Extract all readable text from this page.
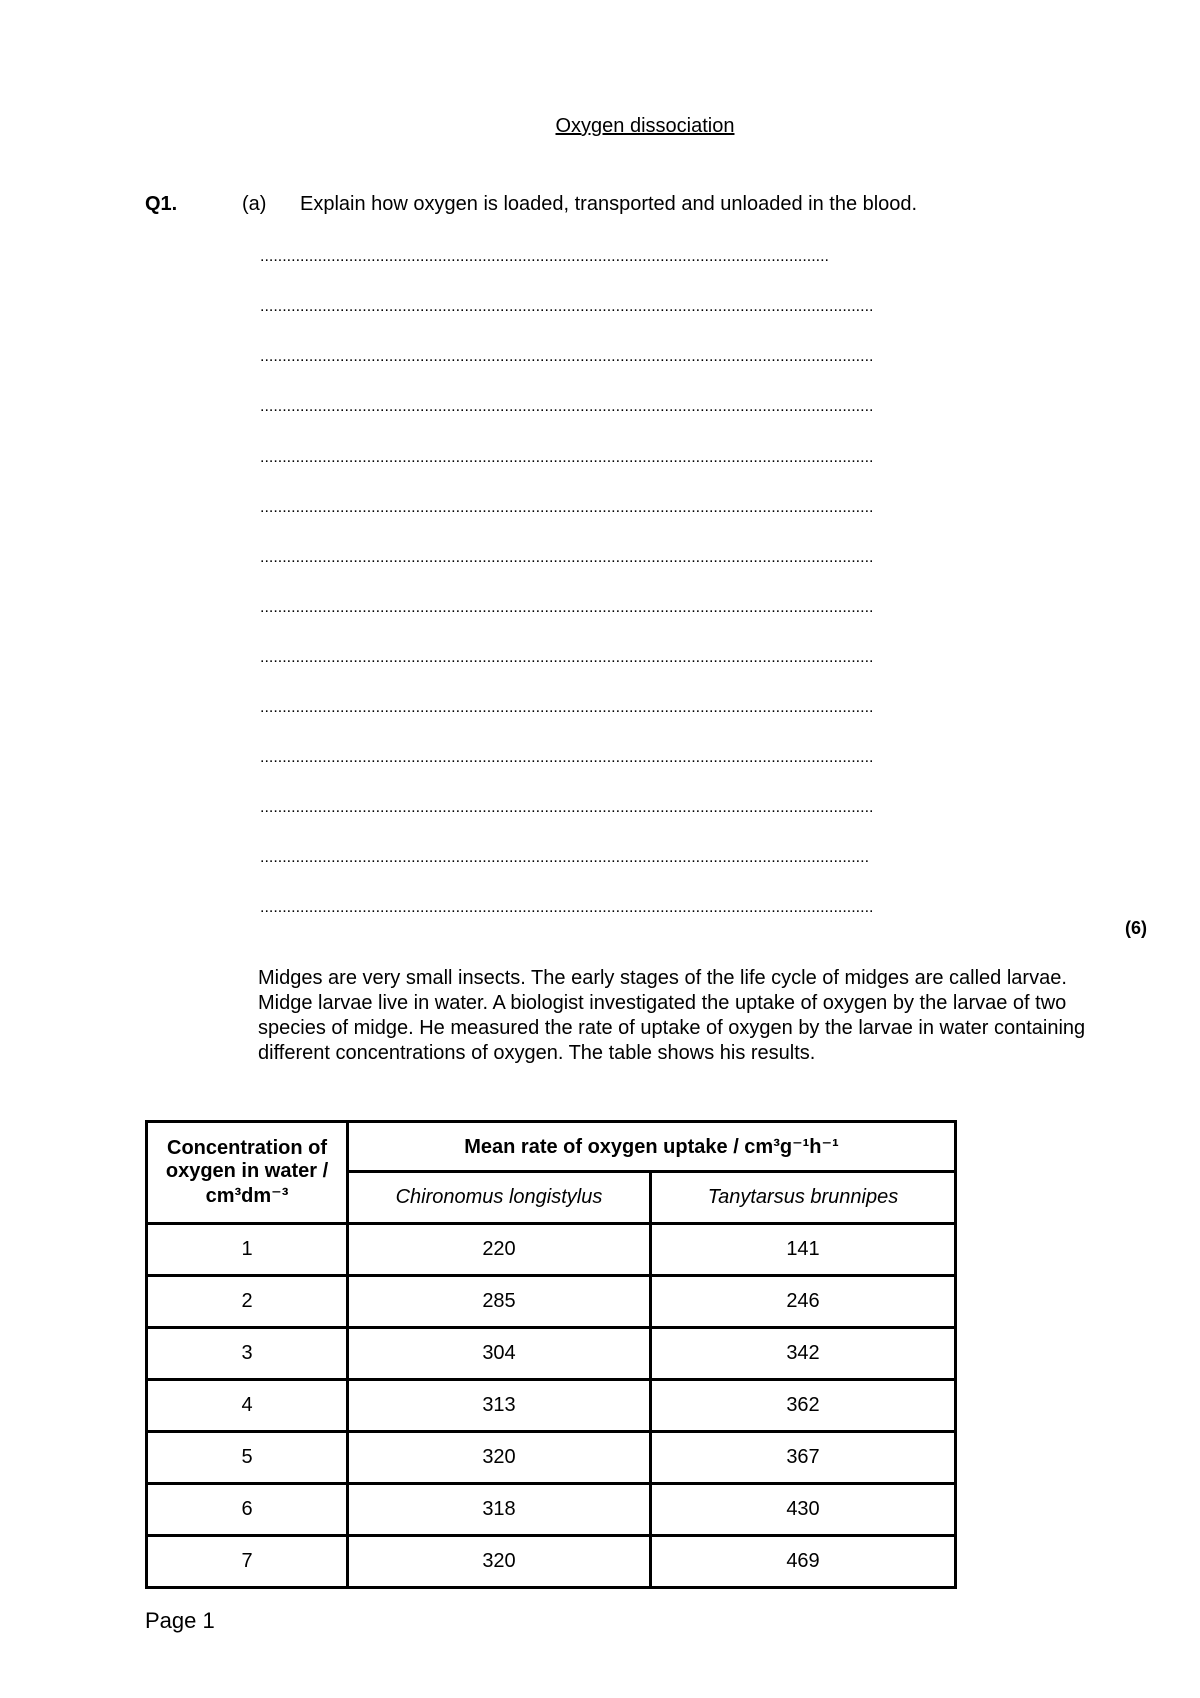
Oxygen dissociation
Q1.	(a) Explain how oxygen is loaded, transported and unloaded in the blood.
................................................................................................................................
..........................................................................................................................................
..........................................................................................................................................
..........................................................................................................................................
..........................................................................................................................................
..........................................................................................................................................
..........................................................................................................................................
..........................................................................................................................................
..........................................................................................................................................
..........................................................................................................................................
..........................................................................................................................................
..........................................................................................................................................
.........................................................................................................................................
..........................................................................................................................................
(6)
Midges are very small insects. The early stages of the life cycle of midges are called larvae. Midge larvae live in water. A biologist investigated the uptake of oxygen by the larvae of two species of midge. He measured the rate of uptake of oxygen by the larvae in water containing different concentrations of oxygen. The table shows his results.
Concentration of oxygen in water / cm³dm⁻³	Mean rate of oxygen uptake / cm³g⁻¹h⁻¹	
	Chironomus longistylus	Tanytarsus brunnipes
1	220	141
2	285	246
3	304	342
4	313	362
5	320	367
6	318	430
7	320	469
Page 1
